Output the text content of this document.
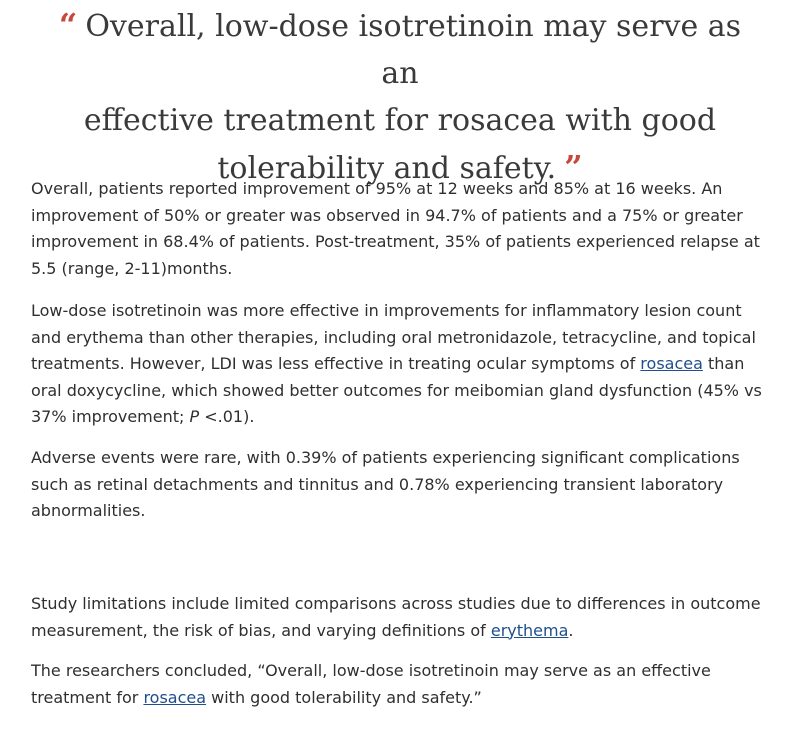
“ Overall, low-dose isotretinoin may serve as an
effective treatment for rosacea with good
tolerability and safety. ”

Overall, patients reported improvement of 95% at 12 weeks and 85% at 16 weeks. An improvement of 50% or greater was observed in 94.7% of patients and a 75% or greater improvement in 68.4% of patients. Post-treatment, 35% of patients experienced relapse at 5.5 (range, 2-11)months.

Low-dose isotretinoin was more effective in improvements for inflammatory lesion count and erythema than other therapies, including oral metronidazole, tetracycline, and topical treatments. However, LDI was less effective in treating ocular symptoms of rosacea than oral doxycycline, which showed better outcomes for meibomian gland dysfunction (45% vs 37% improvement; P <.01).

Adverse events were rare, with 0.39% of patients experiencing significant complications such as retinal detachments and tinnitus and 0.78% experiencing transient laboratory abnormalities.

Study limitations include limited comparisons across studies due to differences in outcome measurement, the risk of bias, and varying definitions of erythema.

The researchers concluded, “Overall, low-dose isotretinoin may serve as an effective treatment for rosacea with good tolerability and safety.”
